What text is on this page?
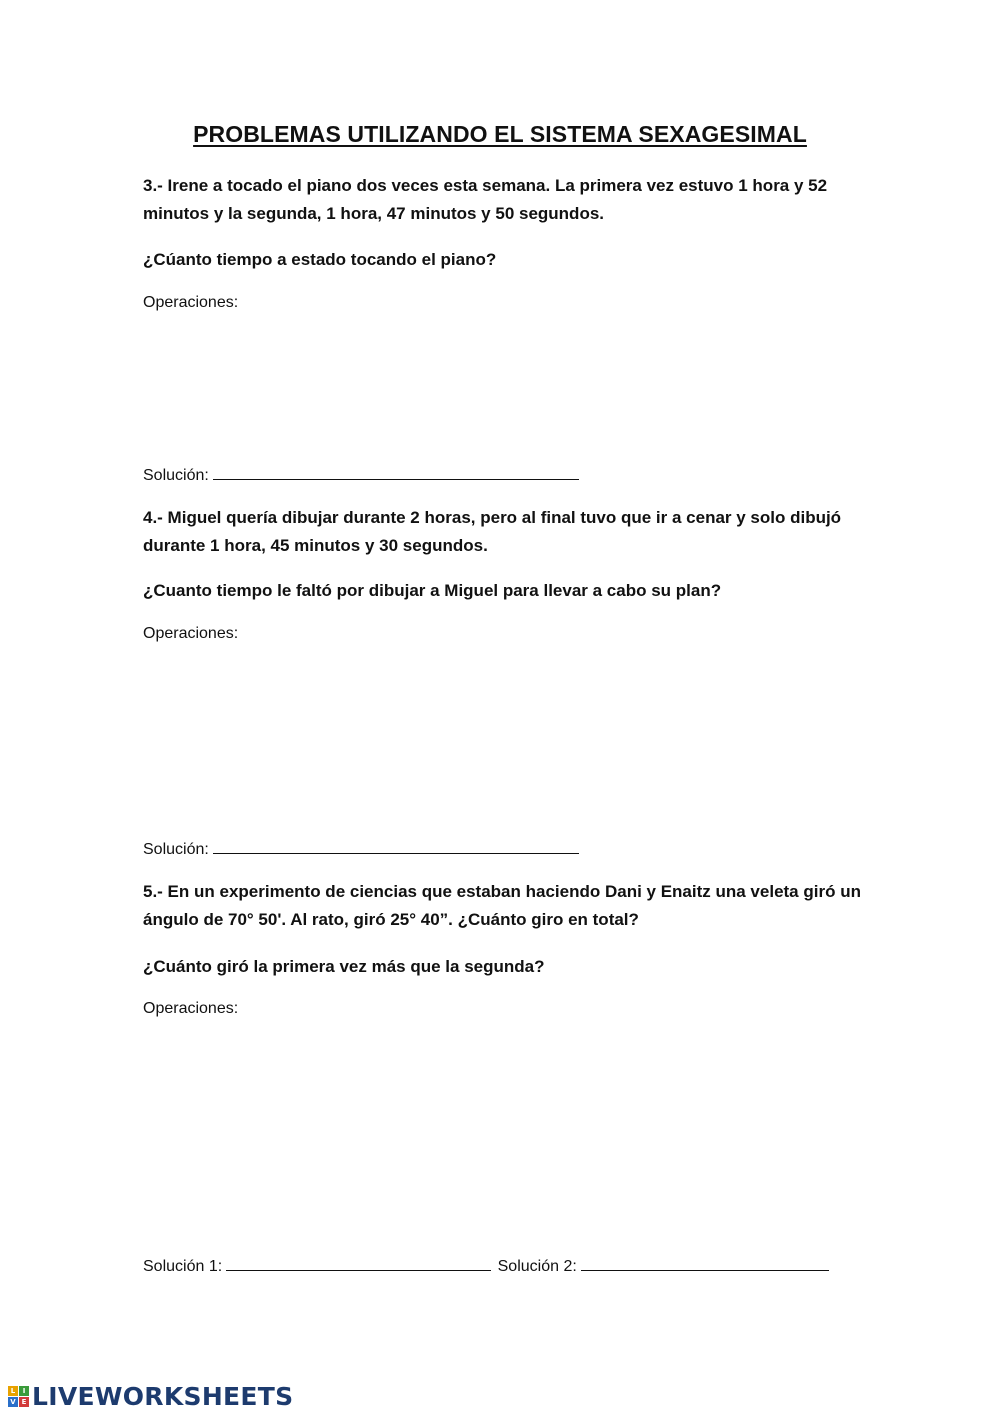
PROBLEMAS UTILIZANDO EL SISTEMA SEXAGESIMAL
3.- Irene a tocado el piano dos veces esta semana. La primera vez estuvo 1 hora y 52 minutos y la segunda, 1 hora, 47 minutos y 50 segundos.
¿Cúanto tiempo a estado tocando el piano?
Operaciones:
Solución:
4.- Miguel quería dibujar durante 2 horas, pero al final tuvo que ir a cenar y solo dibujó durante 1 hora, 45 minutos y 30 segundos.
¿Cuanto tiempo le faltó por dibujar a Miguel para llevar a cabo su plan?
Operaciones:
Solución:
5.- En un experimento de ciencias que estaban haciendo Dani y Enaitz una veleta giró un ángulo de 70° 50'. Al rato, giró 25° 40”. ¿Cuánto giro en total?
¿Cuánto giró la primera vez más que la segunda?
Operaciones:
Solución 1:	Solución 2:
L	I
V E LIVEWORKSHEETS
